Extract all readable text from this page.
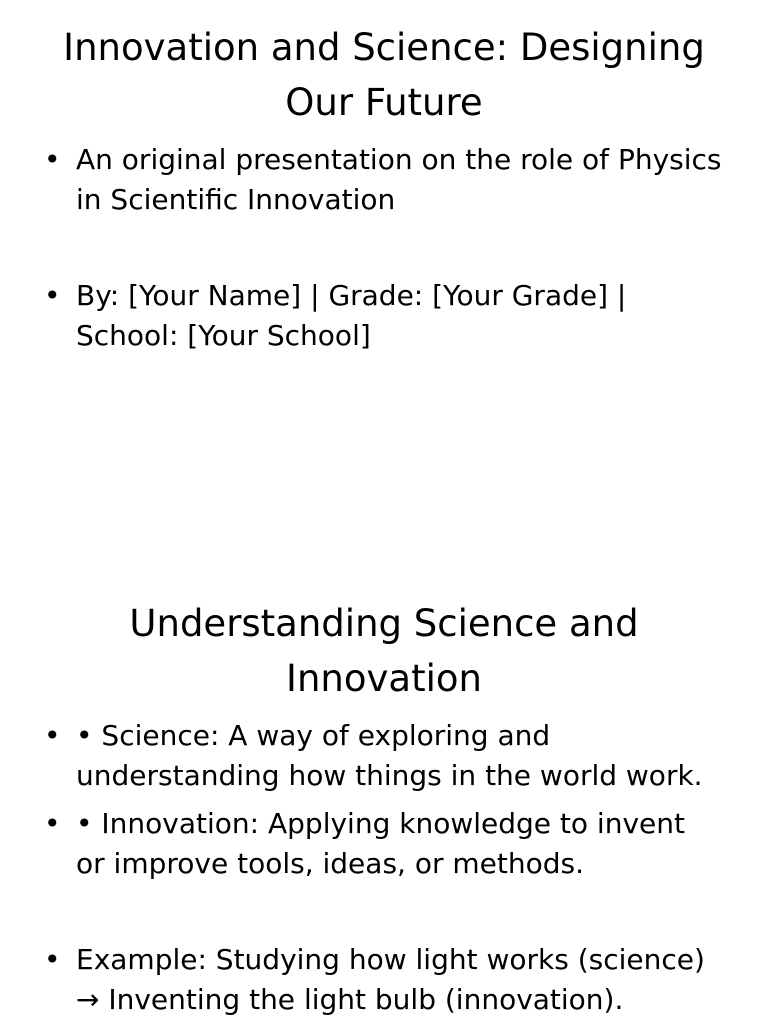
Innovation and Science: Designing Our Future
• An original presentation on the role of Physics in Scientific Innovation
• By: [Your Name] | Grade: [Your Grade] | School: [Your School]
Understanding Science and Innovation
• • Science: A way of exploring and understanding how things in the world work.
• • Innovation: Applying knowledge to invent or improve tools, ideas, or methods.
• Example: Studying how light works (science) → Inventing the light bulb (innovation).
